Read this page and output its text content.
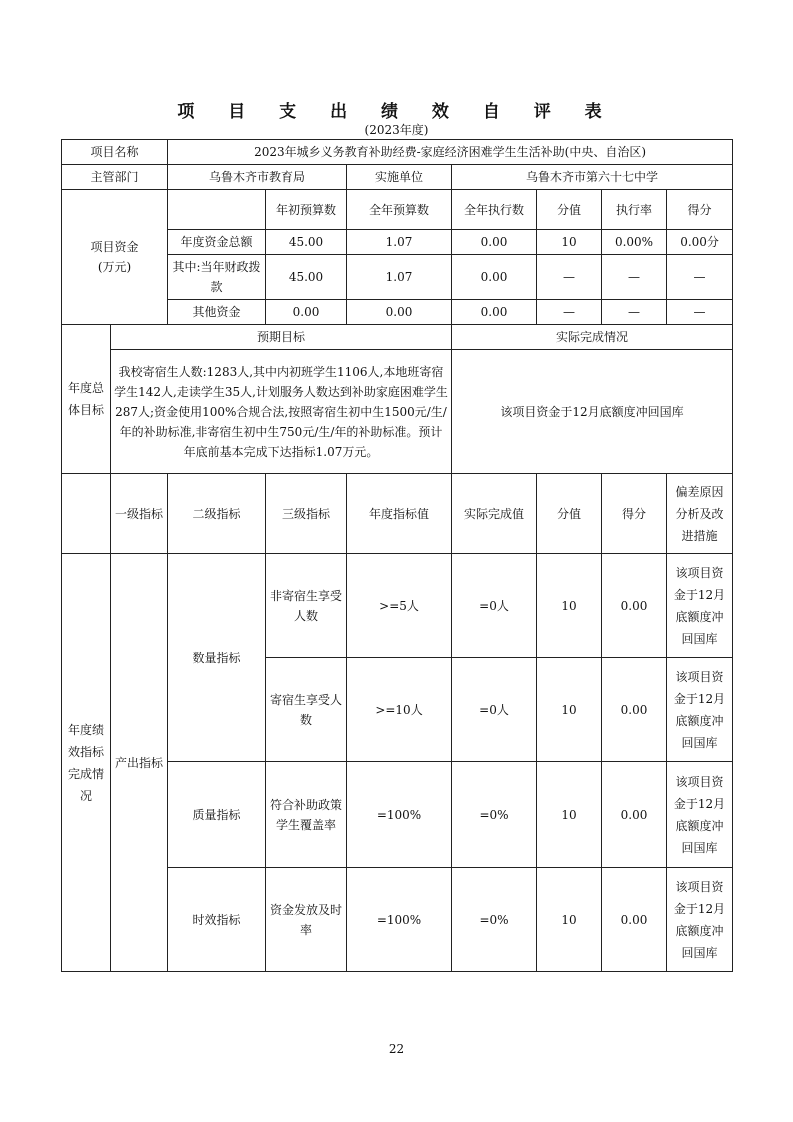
项 目 支 出 绩 效 自 评 表
(2023年度)
项目名称		2023年城乡义务教育补助经费-家庭经济困难学生生活补助(中央、自治区)						
主管部门		乌鲁木齐市教育局		实施单位	乌鲁木齐市第六十七中学			
项目资金
(万元)			年初预算数	全年预算数	全年执行数	分值	执行率	得分
		年度资金总额	45.00	1.07	0.00	10	0.00%	0.00分
		其中:当年财政拨款	45.00	1.07	0.00	—	—	—
		其他资金	0.00	0.00	0.00	—	—	—
年度总体目标	预期目标				实际完成情况			
	我校寄宿生人数:1283人,其中内初班学生1106人,本地班寄宿学生142人,走读学生35人,计划服务人数达到补助家庭困难学生287人;资金使用100%合规合法,按照寄宿生初中生1500元/生/年的补助标准,非寄宿生初中生750元/生/年的补助标准。预计年底前基本完成下达指标1.07万元。				该项目资金于12月底额度冲回国库			
	一级指标	二级指标	三级指标	年度指标值	实际完成值	分值	得分	偏差原因分析及改进措施
年度绩效指标完成情况	产出指标	数量指标	非寄宿生享受人数	>=5人	=0人	10	0.00	该项目资金于12月底额度冲回国库
			寄宿生享受人数	>=10人	=0人	10	0.00	该项目资金于12月底额度冲回国库
		质量指标	符合补助政策学生覆盖率	=100%	=0%	10	0.00	该项目资金于12月底额度冲回国库
		时效指标	资金发放及时率	=100%	=0%	10	0.00	该项目资金于12月底额度冲回国库
22
